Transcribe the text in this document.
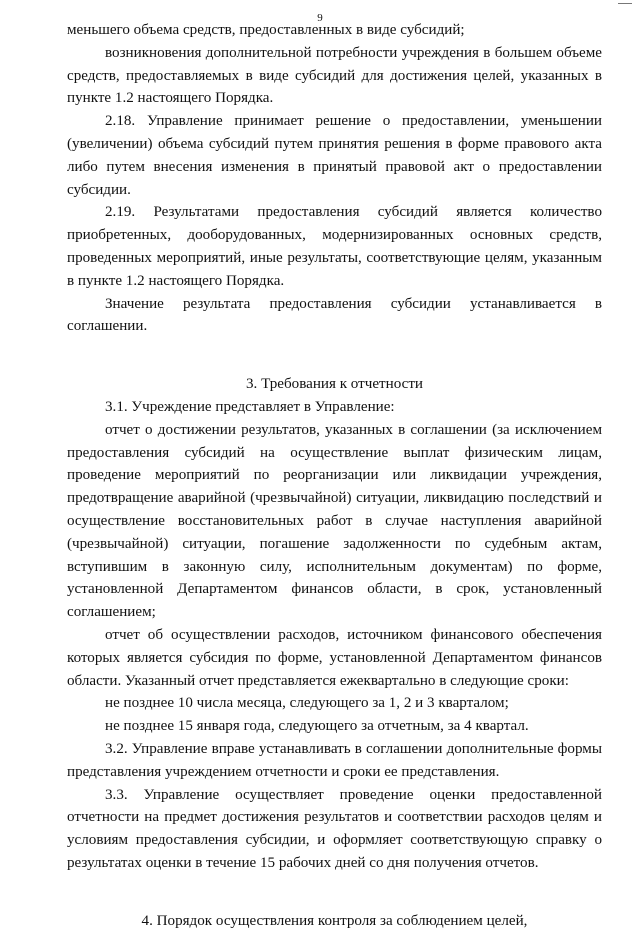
9

меньшего объема средств, предоставленных в виде субсидий;

возникновения дополнительной потребности учреждения в большем объеме средств, предоставляемых в виде субсидий для достижения целей, указанных в пункте 1.2 настоящего Порядка.

2.18. Управление принимает решение о предоставлении, уменьшении (увеличении) объема субсидий путем принятия решения в форме правового акта либо путем внесения изменения в принятый правовой акт о предоставлении субсидии.

2.19. Результатами предоставления субсидий является количество приобретенных, дооборудованных, модернизированных основных средств, проведенных мероприятий, иные результаты, соответствующие целям, указанным в пункте 1.2 настоящего Порядка.

Значение результата предоставления субсидии устанавливается в соглашении.

3. Требования к отчетности

3.1. Учреждение представляет в Управление:

отчет о достижении результатов, указанных в соглашении (за исключением предоставления субсидий на осуществление выплат физическим лицам, проведение мероприятий по реорганизации или ликвидации учреждения, предотвращение аварийной (чрезвычайной) ситуации, ликвидацию последствий и осуществление восстановительных работ в случае наступления аварийной (чрезвычайной) ситуации, погашение задолженности по судебным актам, вступившим в законную силу, исполнительным документам) по форме, установленной Департаментом финансов области, в срок, установленный соглашением;

отчет об осуществлении расходов, источником финансового обеспечения которых является субсидия по форме, установленной Департаментом финансов области. Указанный отчет представляется ежеквартально в следующие сроки:

не позднее 10 числа месяца, следующего за 1, 2 и 3 кварталом;

не позднее 15 января года, следующего за отчетным, за 4 квартал.

3.2. Управление вправе устанавливать в соглашении дополнительные формы представления учреждением отчетности и сроки ее представления.

3.3. Управление осуществляет проведение оценки предоставленной отчетности на предмет достижения результатов и соответствии расходов целям и условиям предоставления субсидии, и оформляет соответствующую справку о результатах оценки в течение 15 рабочих дней со дня получения отчетов.

4. Порядок осуществления контроля за соблюдением целей,
